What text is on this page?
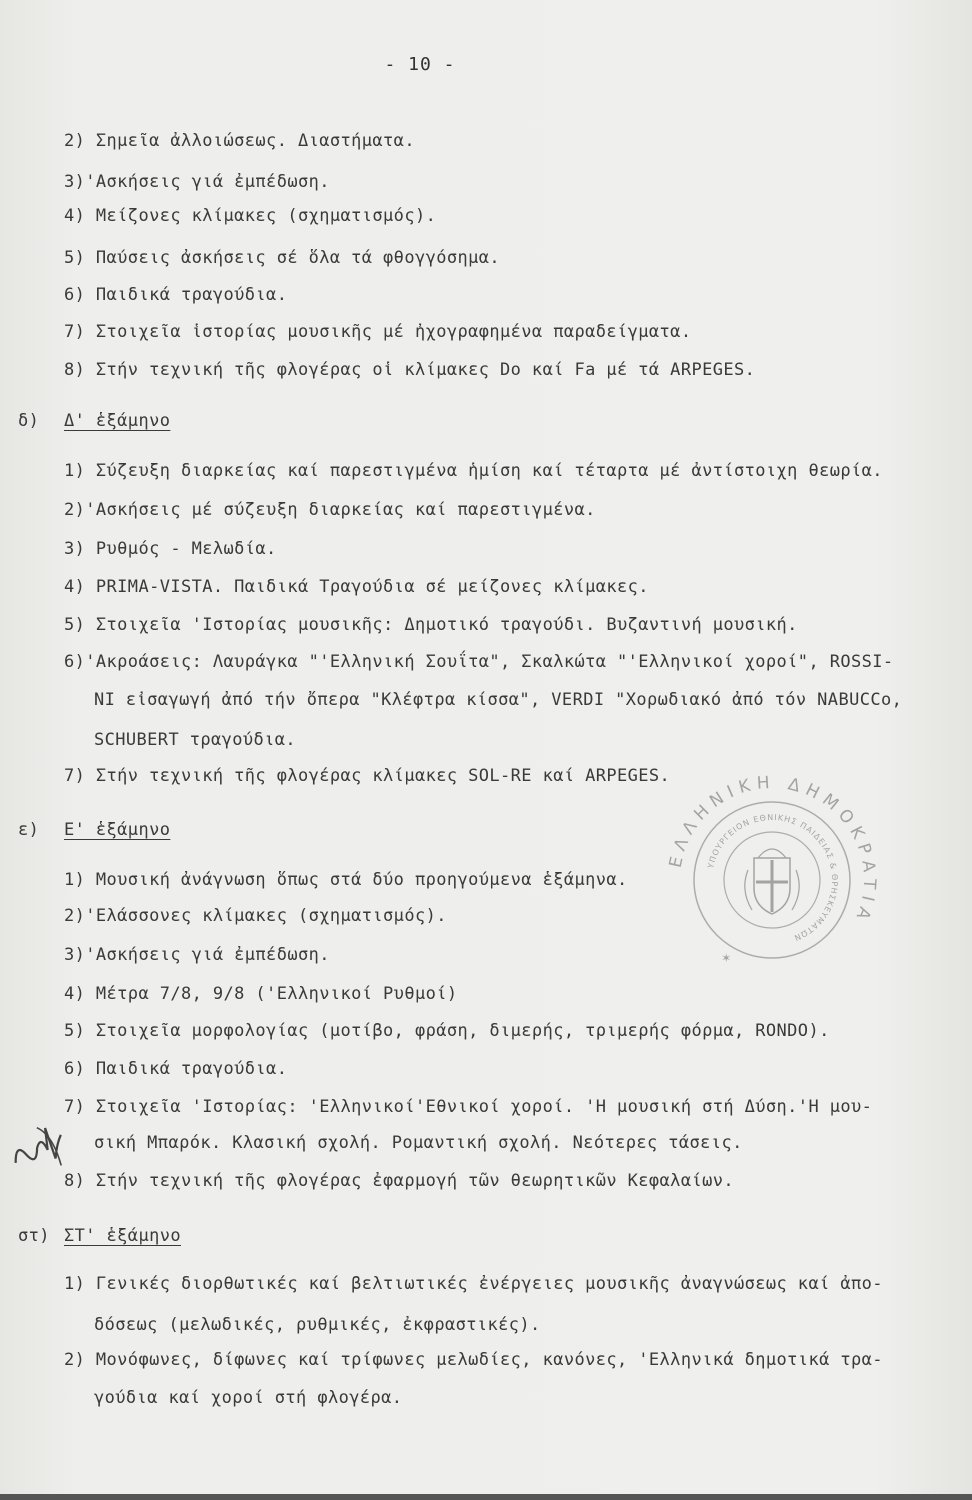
- 10 -
2) Σημεῖα ἀλλοιώσεως. Διαστήματα.
3)'Ασκήσεις γιά ἐμπέδωση.
4) Μείζονες κλίμακες (σχηματισμός).
5) Παύσεις ἀσκήσεις σέ ὅλα τά φθογγόσημα.
6) Παιδικά τραγούδια.
7) Στοιχεῖα ἱστορίας μουσικῆς μέ ἠχογραφημένα παραδείγματα.
8) Στήν τεχνική τῆς φλογέρας οἱ κλίμακες Do καί Fa μέ τά ARPEGES.
δ) Δ' ἑξάμηνο
1) Σύζευξη διαρκείας καί παρεστιγμένα ἡμίση καί τέταρτα μέ ἀντίστοιχη θεωρία.
2)'Ασκήσεις μέ σύζευξη διαρκείας καί παρεστιγμένα.
3) Ρυθμός - Μελωδία.
4) PRIMA-VISTA. Παιδικά Τραγούδια σέ μείζονες κλίμακες.
5) Στοιχεῖα 'Ιστορίας μουσικῆς: Δημοτικό τραγούδι. Βυζαντινή μουσική.
6)'Ακροάσεις: Λαυράγκα "'Ελληνική Σουΐτα", Σκαλκώτα "'Ελληνικοί χοροί", ROSSI-
NI εἰσαγωγή ἀπό τήν ὄπερα "Κλέφτρα κίσσα", VERDI "Χορωδιακό ἀπό τόν NABUCCo,
SCHUBERT τραγούδια.
7) Στήν τεχνική τῆς φλογέρας κλίμακες SOL-RE καί ARPEGES.
ε) Ε' ἑξάμηνο
1) Μουσική ἀνάγνωση ὅπως στά δύο προηγούμενα ἑξάμηνα.
2)'Ελάσσονες κλίμακες (σχηματισμός).
3)'Ασκήσεις γιά ἐμπέδωση.
4) Μέτρα 7/8, 9/8 ('Ελληνικοί Ρυθμοί)
5) Στοιχεῖα μορφολογίας (μοτίβο, φράση, διμερής, τριμερής φόρμα, RONDO).
6) Παιδικά τραγούδια.
7) Στοιχεῖα 'Ιστορίας: 'Ελληνικοί'Εθνικοί χοροί. 'Η μουσική στή Δύση.'Η μου-
σική Μπαρόκ. Κλασική σχολή. Ρομαντική σχολή. Νεότερες τάσεις.
8) Στήν τεχνική τῆς φλογέρας ἐφαρμογή τῶν θεωρητικῶν Κεφαλαίων.
στ) ΣΤ' ἑξάμηνο
1) Γενικές διορθωτικές καί βελτιωτικές ἐνέργειες μουσικῆς ἀναγνώσεως καί ἀπο-
δόσεως (μελωδικές, ρυθμικές, ἐκφραστικές).
2) Μονόφωνες, δίφωνες καί τρίφωνες μελωδίες, κανόνες, 'Ελληνικά δημοτικά τρα-
γούδια καί χοροί στή φλογέρα.
ΕΛΛΗΝΙΚΗ ΔΗΜΟΚΡΑΤΙΑ
ΥΠΟΥΡΓΕΙΟΝ ΕΘΝΙΚΗΣ ΠΑΙΔΕΙΑΣ & ΘΡΗΣΚΕΥΜΑΤΩΝ
✶
